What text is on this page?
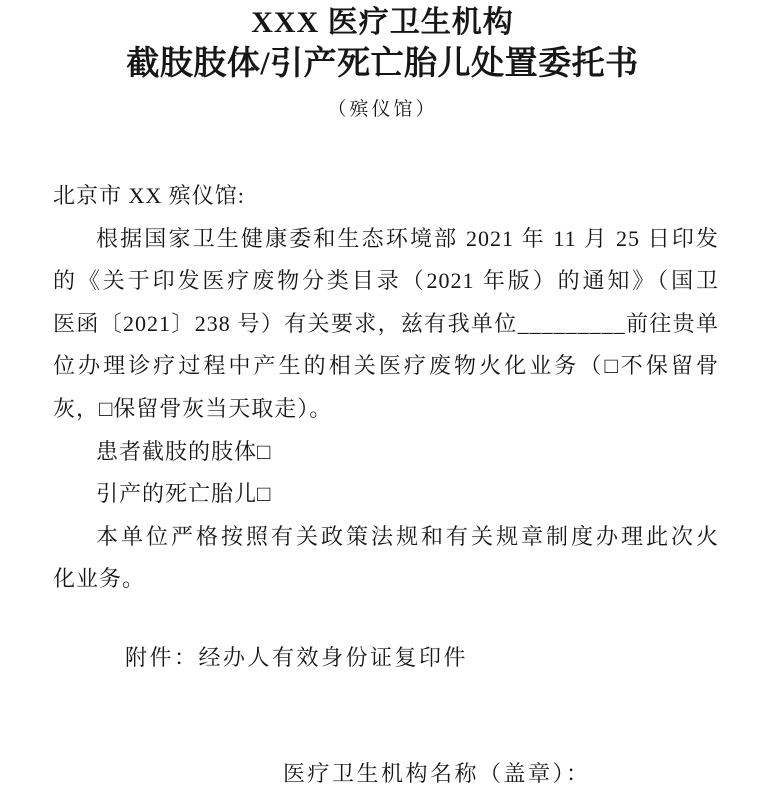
XXX 医疗卫生机构
截肢肢体/引产死亡胎儿处置委托书
（殡仪馆）
北京市 XX 殡仪馆:
根据国家卫生健康委和生态环境部 2021 年 11 月 25 日印发
的《关于印发医疗废物分类目录（2021 年版）的通知》（国卫
医函〔2021〕238 号）有关要求，兹有我单位_________前往贵单
位办理诊疗过程中产生的相关医疗废物火化业务（□不保留骨
灰，□保留骨灰当天取走）。
患者截肢的肢体□
引产的死亡胎儿□
本单位严格按照有关政策法规和有关规章制度办理此次火
化业务。
附件：经办人有效身份证复印件
医疗卫生机构名称（盖章）：
